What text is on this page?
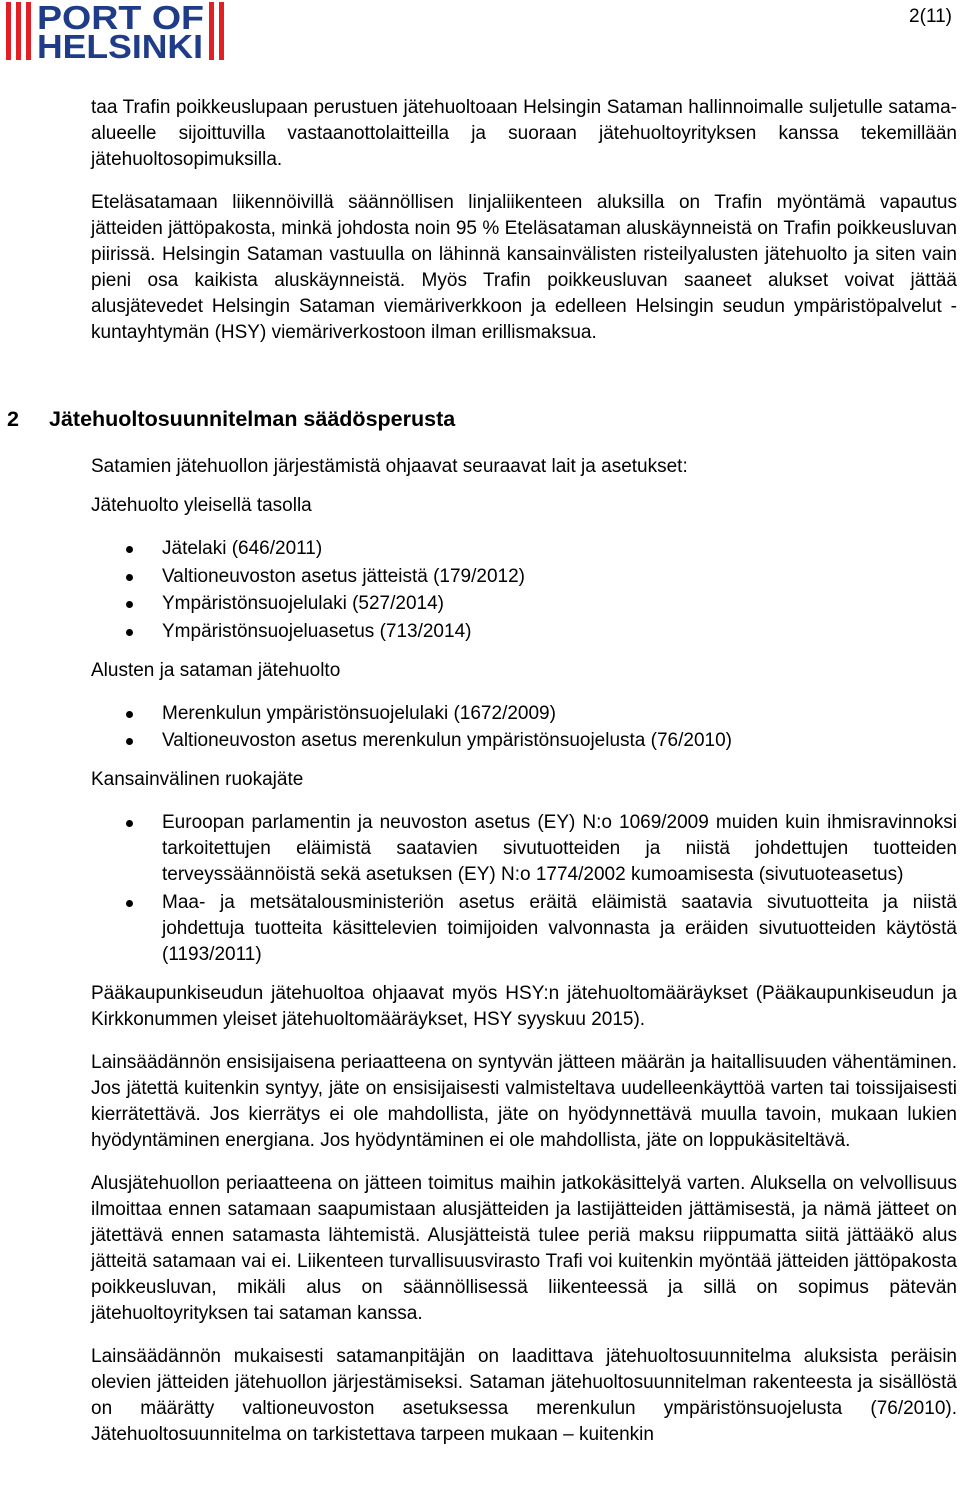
PORT OF
HELSINKI
2(11)
2 Jätehuoltosuunnitelman säädösperusta

taa Trafin poikkeuslupaan perustuen jätehuoltoaan Helsingin Sataman hallinnoimalle suljetulle satama-alueelle sijoittuvilla vastaanottolaitteilla ja suoraan jätehuoltoyrityksen kanssa tekemillään jätehuoltosopimuksilla.

Eteläsatamaan liikennöivillä säännöllisen linjaliikenteen aluksilla on Trafin myöntämä vapautus jätteiden jättöpakosta, minkä johdosta noin 95 % Eteläsataman aluskäynneistä on Trafin poikkeusluvan piirissä. Helsingin Sataman vastuulla on lähinnä kansainvälisten risteilyalusten jätehuolto ja siten vain pieni osa kaikista aluskäynneistä. Myös Trafin poikkeusluvan saaneet alukset voivat jättää alusjätevedet Helsingin Sataman viemäriverkkoon ja edelleen Helsingin seudun ympäristöpalvelut -kuntayhtymän (HSY) viemäriverkostoon ilman erillismaksua.

Satamien jätehuollon järjestämistä ohjaavat seuraavat lait ja asetukset:

Jätehuolto yleisellä tasolla

Jätelaki (646/2011)
Valtioneuvoston asetus jätteistä (179/2012)
Ympäristönsuojelulaki (527/2014)
Ympäristönsuojeluasetus (713/2014)

Alusten ja sataman jätehuolto

Merenkulun ympäristönsuojelulaki (1672/2009)
Valtioneuvoston asetus merenkulun ympäristönsuojelusta (76/2010)

Kansainvälinen ruokajäte

Euroopan parlamentin ja neuvoston asetus (EY) N:o 1069/2009 muiden kuin ihmisravinnoksi tarkoitettujen eläimistä saatavien sivutuotteiden ja niistä johdettujen tuotteiden terveyssäännöistä sekä asetuksen (EY) N:o 1774/2002 kumoamisesta (sivutuoteasetus)
Maa- ja metsätalousministeriön asetus eräitä eläimistä saatavia sivutuotteita ja niistä johdettuja tuotteita käsittelevien toimijoiden valvonnasta ja eräiden sivutuotteiden käytöstä (1193/2011)

Pääkaupunkiseudun jätehuoltoa ohjaavat myös HSY:n jätehuoltomääräykset (Pääkaupunkiseudun ja Kirkkonummen yleiset jätehuoltomääräykset, HSY syyskuu 2015).

Lainsäädännön ensisijaisena periaatteena on syntyvän jätteen määrän ja haitallisuuden vähentäminen. Jos jätettä kuitenkin syntyy, jäte on ensisijaisesti valmisteltava uudelleenkäyttöä varten tai toissijaisesti kierrätettävä. Jos kierrätys ei ole mahdollista, jäte on hyödynnettävä muulla tavoin, mukaan lukien hyödyntäminen energiana. Jos hyödyntäminen ei ole mahdollista, jäte on loppukäsiteltävä.

Alusjätehuollon periaatteena on jätteen toimitus maihin jatkokäsittelyä varten. Aluksella on velvollisuus ilmoittaa ennen satamaan saapumistaan alusjätteiden ja lastijätteiden jättämisestä, ja nämä jätteet on jätettävä ennen satamasta lähtemistä. Alusjätteistä tulee periä maksu riippumatta siitä jättääkö alus jätteitä satamaan vai ei. Liikenteen turvallisuusvirasto Trafi voi kuitenkin myöntää jätteiden jättöpakosta poikkeusluvan, mikäli alus on säännöllisessä liikenteessä ja sillä on sopimus pätevän jätehuoltoyrityksen tai sataman kanssa.

Lainsäädännön mukaisesti satamanpitäjän on laadittava jätehuoltosuunnitelma aluksista peräisin olevien jätteiden jätehuollon järjestämiseksi. Sataman jätehuoltosuunnitelman rakenteesta ja sisällöstä on määrätty valtioneuvoston asetuksessa merenkulun ympäristönsuojelusta (76/2010). Jätehuoltosuunnitelma on tarkistettava tarpeen mukaan – kuitenkin
